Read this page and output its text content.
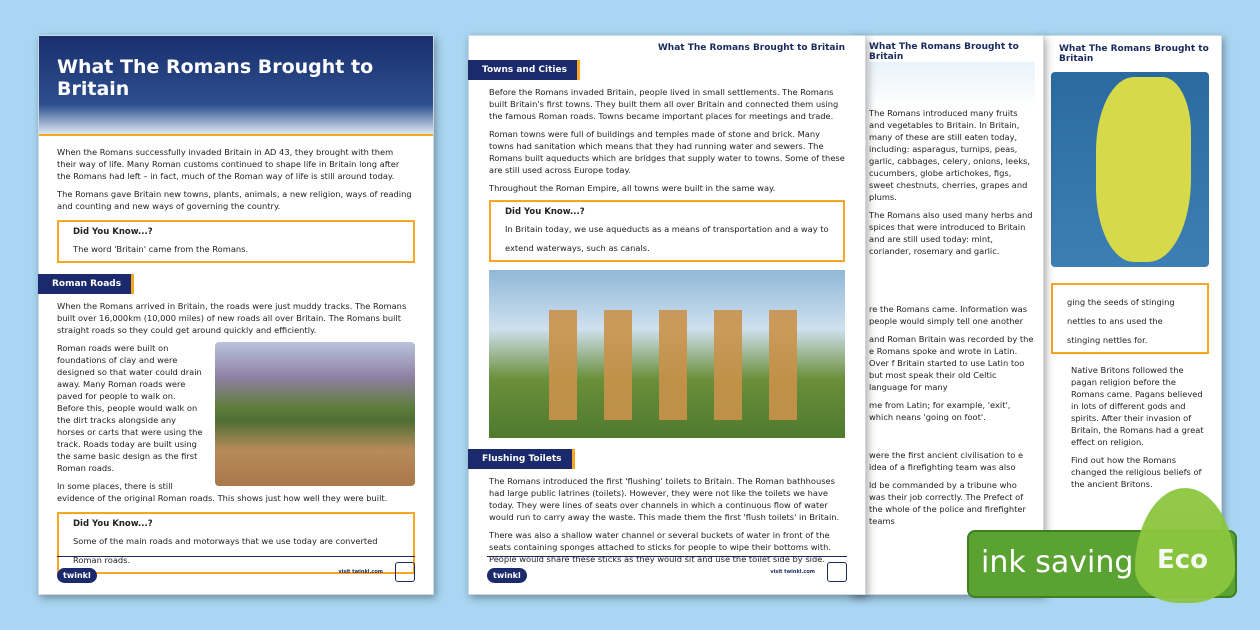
What The Romans Brought to Britain
ging the seeds of stinging nettles to ans used the stinging nettles for.

Native Britons followed the pagan religion before the Romans came. Pagans believed in lots of different gods and spirits. After their invasion of Britain, the Romans had a great effect on religion.

Find out how the Romans changed the religious beliefs of the ancient Britons.

What The Romans Brought to Britain

The Romans introduced many fruits and vegetables to Britain. In Britain, many of these are still eaten today, including: asparagus, turnips, peas, garlic, cabbages, celery, onions, leeks, cucumbers, globe artichokes, figs, sweet chestnuts, cherries, grapes and plums.

The Romans also used many herbs and spices that were introduced to Britain and are still used today: mint, coriander, rosemary and garlic.

re the Romans came. Information was people would simply tell one another

and Roman Britain was recorded by the e Romans spoke and wrote in Latin. Over f Britain started to use Latin too but most speak their old Celtic language for many

me from Latin; for example, 'exit', which neans 'going on foot'.

were the first ancient civilisation to e idea of a firefighting team was also

ld be commanded by a tribune who was their job correctly. The Prefect of the whole of the police and firefighter teams

What The Romans Brought to Britain

When the Romans successfully invaded Britain in AD 43, they brought with them their way of life. Many Roman customs continued to shape life in Britain long after the Romans had left – in fact, much of the Roman way of life is still around today.

The Romans gave Britain new towns, plants, animals, a new religion, ways of reading and counting and new ways of governing the country.

Did You Know...?
The word 'Britain' came from the Romans.
Roman Roads

When the Romans arrived in Britain, the roads were just muddy tracks. The Romans built over 16,000km (10,000 miles) of new roads all over Britain. The Romans built straight roads so they could get around quickly and efficiently.

Roman roads were built on foundations of clay and were designed so that water could drain away. Many Roman roads were paved for people to walk on. Before this, people would walk on the dirt tracks alongside any horses or carts that were using the track. Roads today are built using the same basic design as the first Roman roads.

In some places, there is still evidence of the original Roman roads. This shows just how well they were built.

Did You Know...?
Some of the main roads and motorways that we use today are converted Roman roads.
twinkl	visit twinkl.com
What The Romans Brought to Britain
Towns and Cities

Before the Romans invaded Britain, people lived in small settlements. The Romans built Britain's first towns. They built them all over Britain and connected them using the famous Roman roads. Towns became important places for meetings and trade.

Roman towns were full of buildings and temples made of stone and brick. Many towns had sanitation which means that they had running water and sewers. The Romans built aqueducts which are bridges that supply water to towns. Some of these are still used across Europe today.

Throughout the Roman Empire, all towns were built in the same way.

Did You Know...?
In Britain today, we use aqueducts as a means of transportation and a way to extend waterways, such as canals.
Flushing Toilets

The Romans introduced the first 'flushing' toilets to Britain. The Roman bathhouses had large public latrines (toilets). However, they were not like the toilets we have today. They were lines of seats over channels in which a continuous flow of water would run to carry away the waste. This made them the first 'flush toilets' in Britain.

There was also a shallow water channel or several buckets of water in front of the seats containing sponges attached to sticks for people to wipe their bottoms with. People would share these sticks as they would sit and use the toilet side by side.

twinkl	visit twinkl.com	ink saving Eco
